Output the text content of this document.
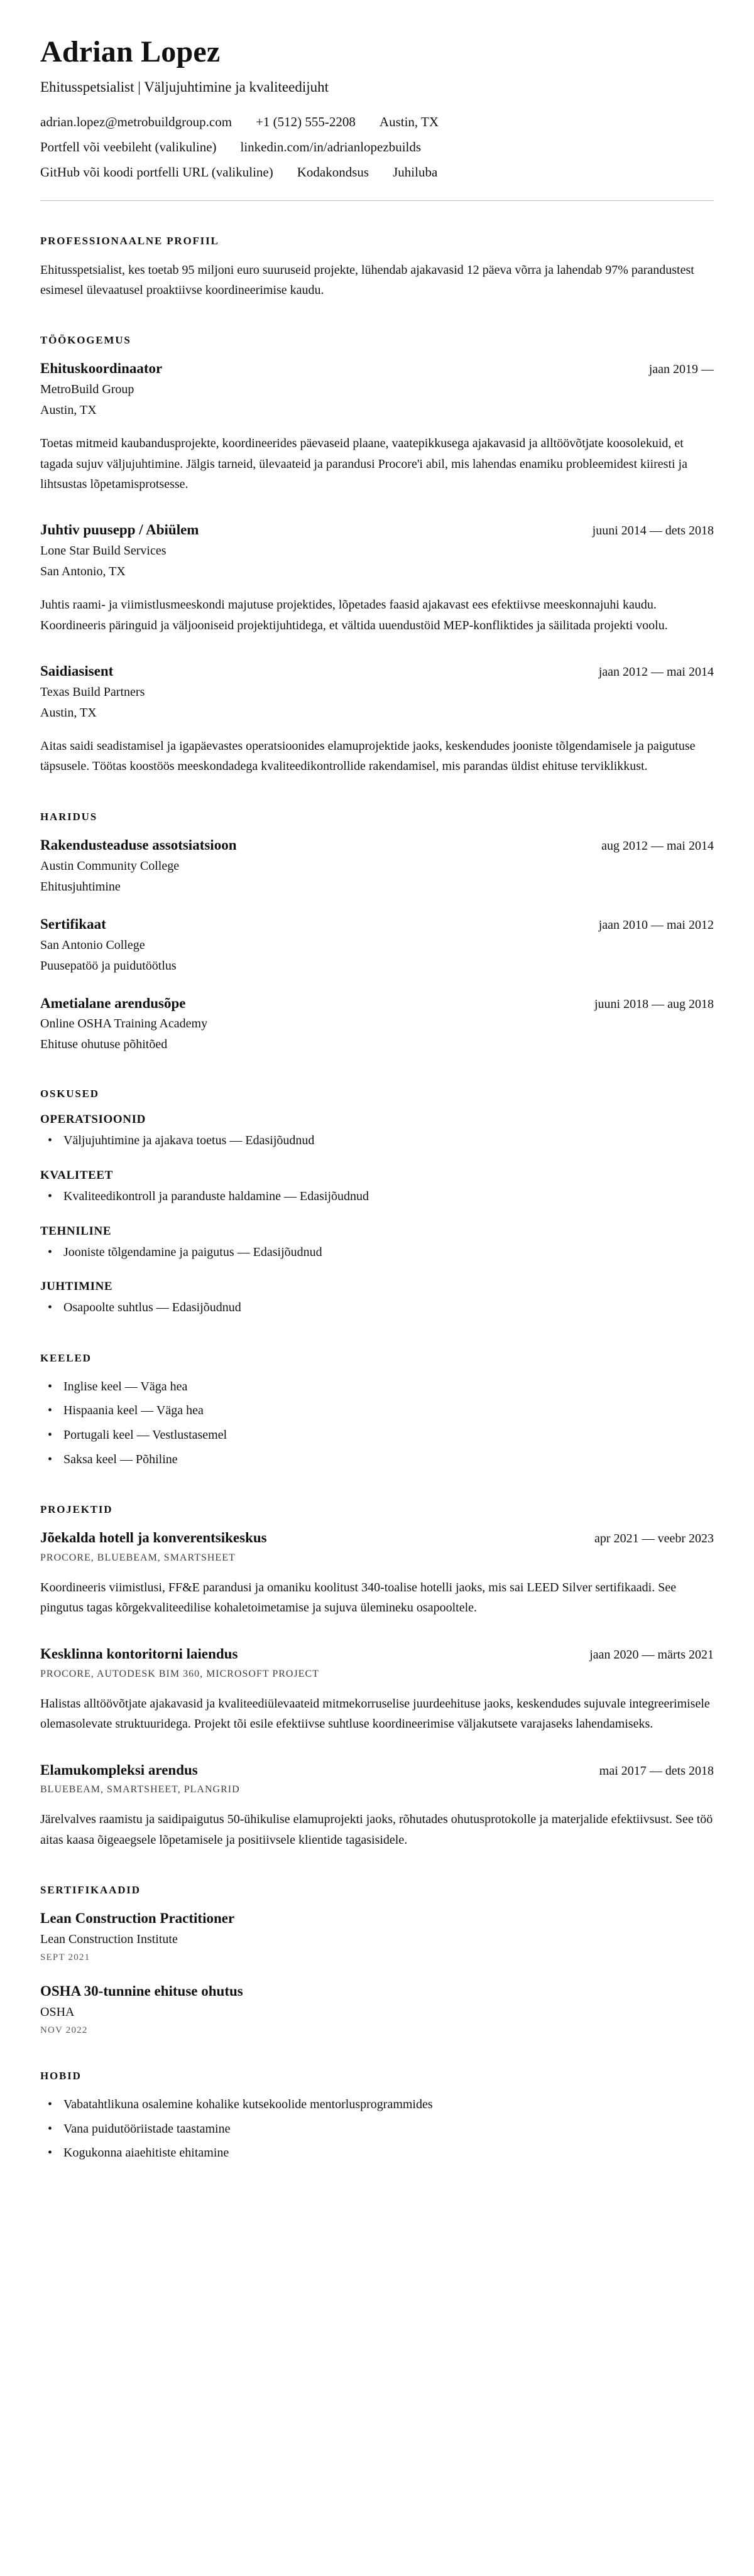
Adrian Lopez
Ehitusspetsialist | Väljujuhtimine ja kvaliteedijuht
adrian.lopez@metrobuildgroup.com +1 (512) 555-2208 Austin, TX
Portfell või veebileht (valikuline) linkedin.com/in/adrianlopezbuilds
GitHub või koodi portfelli URL (valikuline) Kodakondsus Juhiluba
PROFESSIONAALNE PROFIIL

Ehitusspetsialist, kes toetab 95 miljoni euro suuruseid projekte, lühendab ajakavasid 12 päeva võrra ja lahendab 97% parandustest esimesel ülevaatusel proaktiivse koordineerimise kaudu.

TÖÖKOGEMUS
Ehituskoordinaator	jaan 2019 —
MetroBuild Group
Austin, TX

Toetas mitmeid kaubandusprojekte, koordineerides päevaseid plaane, vaatepikkusega ajakavasid ja alltöövõtjate koosolekuid, et tagada sujuv väljujuhtimine. Jälgis tarneid, ülevaateid ja parandusi Procore'i abil, mis lahendas enamiku probleemidest kiiresti ja lihtsustas lõpetamisprotsesse.

Juhtiv puusepp / Abiülem	juuni 2014 — dets 2018
Lone Star Build Services
San Antonio, TX

Juhtis raami- ja viimistlusmeeskondi majutuse projektides, lõpetades faasid ajakavast ees efektiivse meeskonnajuhi kaudu. Koordineeris päringuid ja väljooniseid projektijuhtidega, et vältida uuendustöid MEP-konfliktides ja säilitada projekti voolu.

Saidiasisent	jaan 2012 — mai 2014
Texas Build Partners
Austin, TX

Aitas saidi seadistamisel ja igapäevastes operatsioonides elamuprojektide jaoks, keskendudes jooniste tõlgendamisele ja paigutuse täpsusele. Töötas koostöös meeskondadega kvaliteedikontrollide rakendamisel, mis parandas üldist ehituse terviklikkust.

HARIDUS
Rakendusteaduse assotsiatsioon	aug 2012 — mai 2014
Austin Community College
Ehitusjuhtimine
Sertifikaat	jaan 2010 — mai 2012
San Antonio College
Puusepatöö ja puidutöötlus
Ametialane arendusõpe	juuni 2018 — aug 2018
Online OSHA Training Academy
Ehituse ohutuse põhitõed
OSKUSED
OPERATSIOONID
• Väljujuhtimine ja ajakava toetus — Edasijõudnud
KVALITEET
• Kvaliteedikontroll ja paranduste haldamine — Edasijõudnud
TEHNILINE
• Jooniste tõlgendamine ja paigutus — Edasijõudnud
JUHTIMINE
• Osapoolte suhtlus — Edasijõudnud
KEELED
• Inglise keel — Väga hea
• Hispaania keel — Väga hea
• Portugali keel — Vestlustasemel
• Saksa keel — Põhiline
PROJEKTID
Jõekalda hotell ja konverentsikeskus	apr 2021 — veebr 2023
PROCORE, BLUEBEAM, SMARTSHEET

Koordineeris viimistlusi, FF&E parandusi ja omaniku koolitust 340-toalise hotelli jaoks, mis sai LEED Silver sertifikaadi. See pingutus tagas kõrgekvaliteedilise kohaletoimetamise ja sujuva ülemineku osapooltele.

Kesklinna kontoritorni laiendus	jaan 2020 — märts 2021
PROCORE, AUTODESK BIM 360, MICROSOFT PROJECT

Halistas alltöövõtjate ajakavasid ja kvaliteediülevaateid mitmekorruselise juurdeehituse jaoks, keskendudes sujuvale integreerimisele olemasolevate struktuuridega. Projekt tõi esile efektiivse suhtluse koordineerimise väljakutsete varajaseks lahendamiseks.

Elamukompleksi arendus	mai 2017 — dets 2018
BLUEBEAM, SMARTSHEET, PLANGRID

Järelvalves raamistu ja saidipaigutus 50-ühikulise elamuprojekti jaoks, rõhutades ohutusprotokolle ja materjalide efektiivsust. See töö aitas kaasa õigeaegsele lõpetamisele ja positiivsele klientide tagasisidele.

SERTIFIKAADID
Lean Construction Practitioner
Lean Construction Institute
SEPT 2021
OSHA 30-tunnine ehituse ohutus
OSHA
NOV 2022
HOBID
• Vabatahtlikuna osalemine kohalike kutsekoolide mentorlusprogrammides
• Vana puidutööriistade taastamine
• Kogukonna aiaehitiste ehitamine
